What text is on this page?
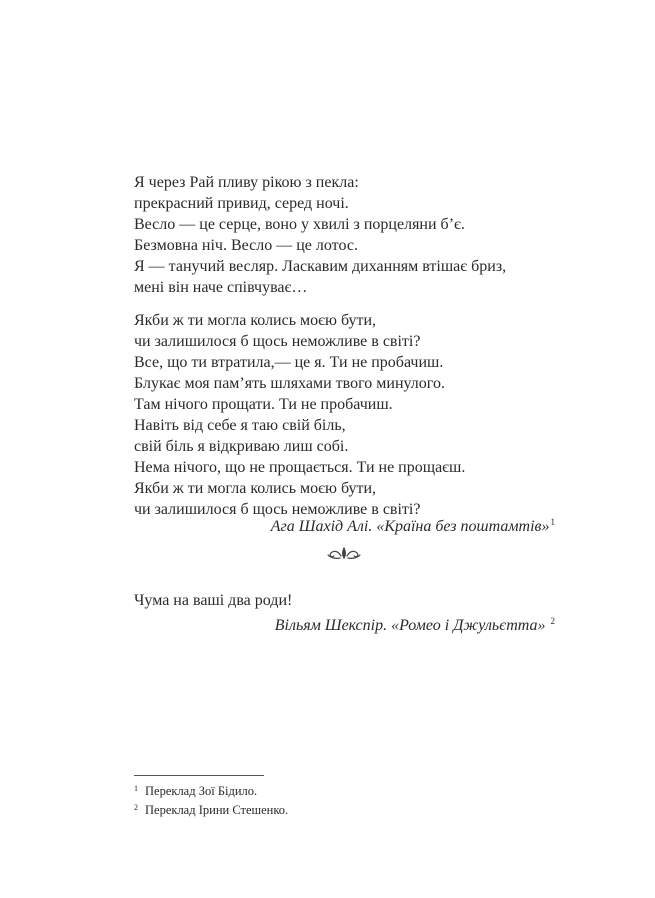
Я через Рай пливу рікою з пекла:
прекрасний привид, серед ночі.
Весло — це серце, воно у хвилі з порцеляни б’є.
Безмовна ніч. Весло — це лотос.
Я — танучий весляр. Ласкавим диханням втішає бриз,
мені він наче співчуває…
Якби ж ти могла колись моєю бути,
чи залишилося б щось неможливе в світі?
Все, що ти втратила,— це я. Ти не пробачиш.
Блукає моя пам’ять шляхами твого минулого.
Там нічого прощати. Ти не пробачиш.
Навіть від себе я таю свій біль,
свій біль я відкриваю лиш собі.
Нема нічого, що не прощається. Ти не прощаєш.
Якби ж ти могла колись моєю бути,
чи залишилося б щось неможливе в світі?
Ага Шахід Алі. «Країна без поштамтів»$^1$
Чума на ваші два роди!
Вільям Шекспір. «Ромео і Джульєтта» $^2$
$^1$ Переклад Зої Бідило.
$^2$ Переклад Ірини Стешенко.
